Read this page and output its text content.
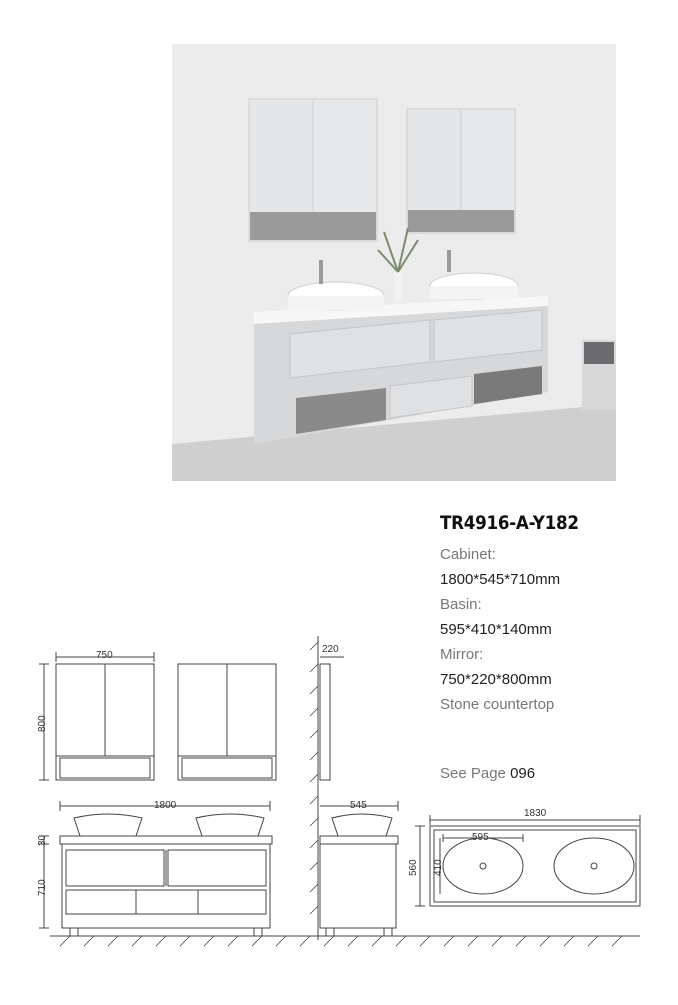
TR4916-A-Y182
Cabinet:
1800*545*710mm
Basin:
595*410*140mm
Mirror:
750*220*800mm
Stone countertop
See Page 096
750
800
220
1800	545
30
710
1830
560
595
410
